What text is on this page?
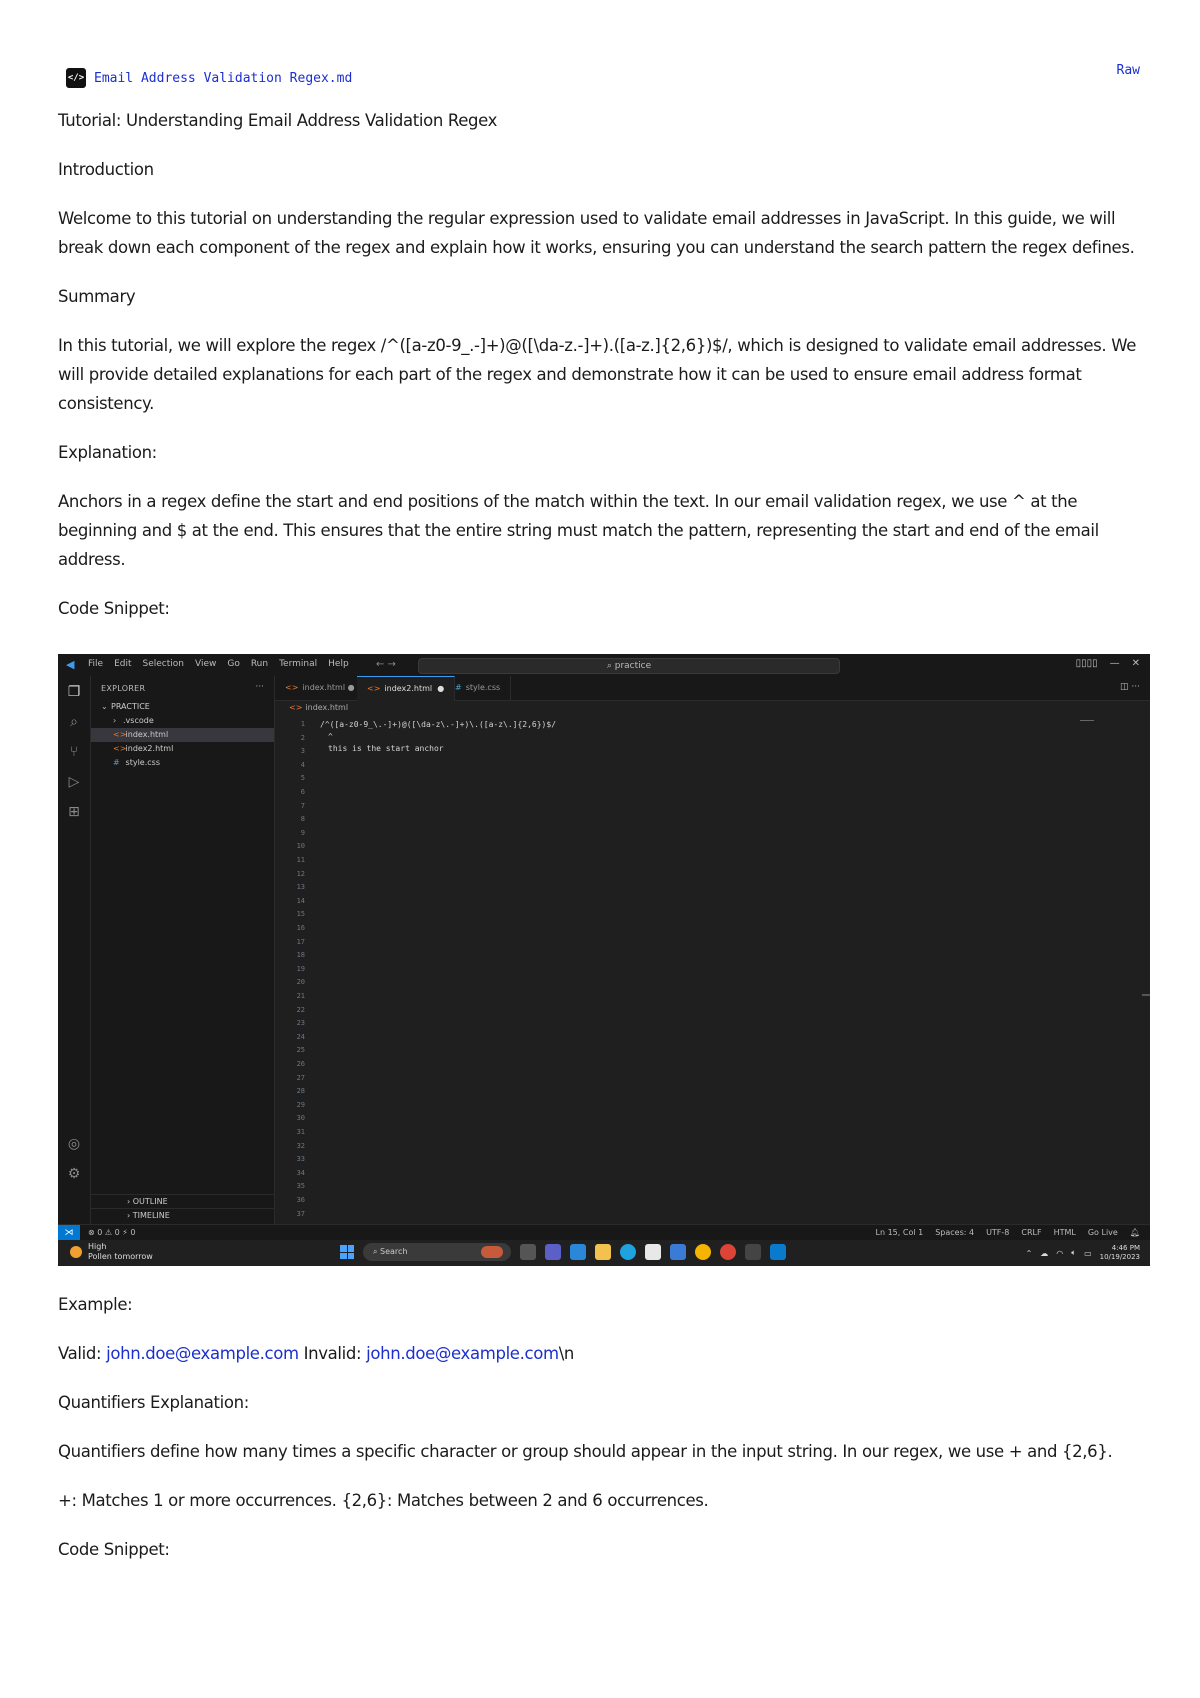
</> Email Address Validation Regex.md	Raw

Tutorial: Understanding Email Address Validation Regex

Introduction

Welcome to this tutorial on understanding the regular expression used to validate email addresses in JavaScript. In this guide, we will break down each component of the regex and explain how it works, ensuring you can understand the search pattern the regex defines.

Summary

In this tutorial, we will explore the regex /^([a-z0-9_.-]+)@([\da-z.-]+).([a-z.]{2,6})$/, which is designed to validate email addresses. We will provide detailed explanations for each part of the regex and demonstrate how it can be used to ensure email address format consistency.

Explanation:

Anchors in a regex define the start and end positions of the match within the text. In our email validation regex, we use ^ at the beginning and $ at the end. This ensures that the entire string must match the pattern, representing the start and end of the email address.

Code Snippet:

◀	File Edit Selection View Go Run Terminal Help	← →	⌕ practice	▯▯▯▯ — ✕
❐
⌕
⑂
▷
⊞
◎
⚙
EXPLORER	···
⌄ PRACTICE
› .vscode
<> index.html
<> index2.html
# style.css
› OUTLINE
› TIMELINE
<> index.html ●	<> index2.html  ●	# style.css	◫ ···
<> index.html
1
2
3
4
5
6
7
8
9
10
11
12
13
14
15
16
17
18
19
20
21
22
23
24
25
26
27
28
29
30
31
32
33
34
35
36
37
/^([a-z0-9_\.-]+)@([\da-z\.-]+)\.([a-z\.]{2,6})$/
^
this is the start anchor
⋊	⊗ 0 ⚠ 0 ⚡ 0	Ln 15, Col 1 Spaces: 4 UTF-8 CRLF HTML Go Live 🔔︎
High
Pollen tomorrow
⌕ Search	⌃ ☁ ◠ 🔈︎ ▭
4:46 PM
10/19/2023

Example:

Valid: john.doe@example.com Invalid: john.doe@example.com\n

Quantifiers Explanation:

Quantifiers define how many times a specific character or group should appear in the input string. In our regex, we use + and {2,6}.

+: Matches 1 or more occurrences. {2,6}: Matches between 2 and 6 occurrences.

Code Snippet:
